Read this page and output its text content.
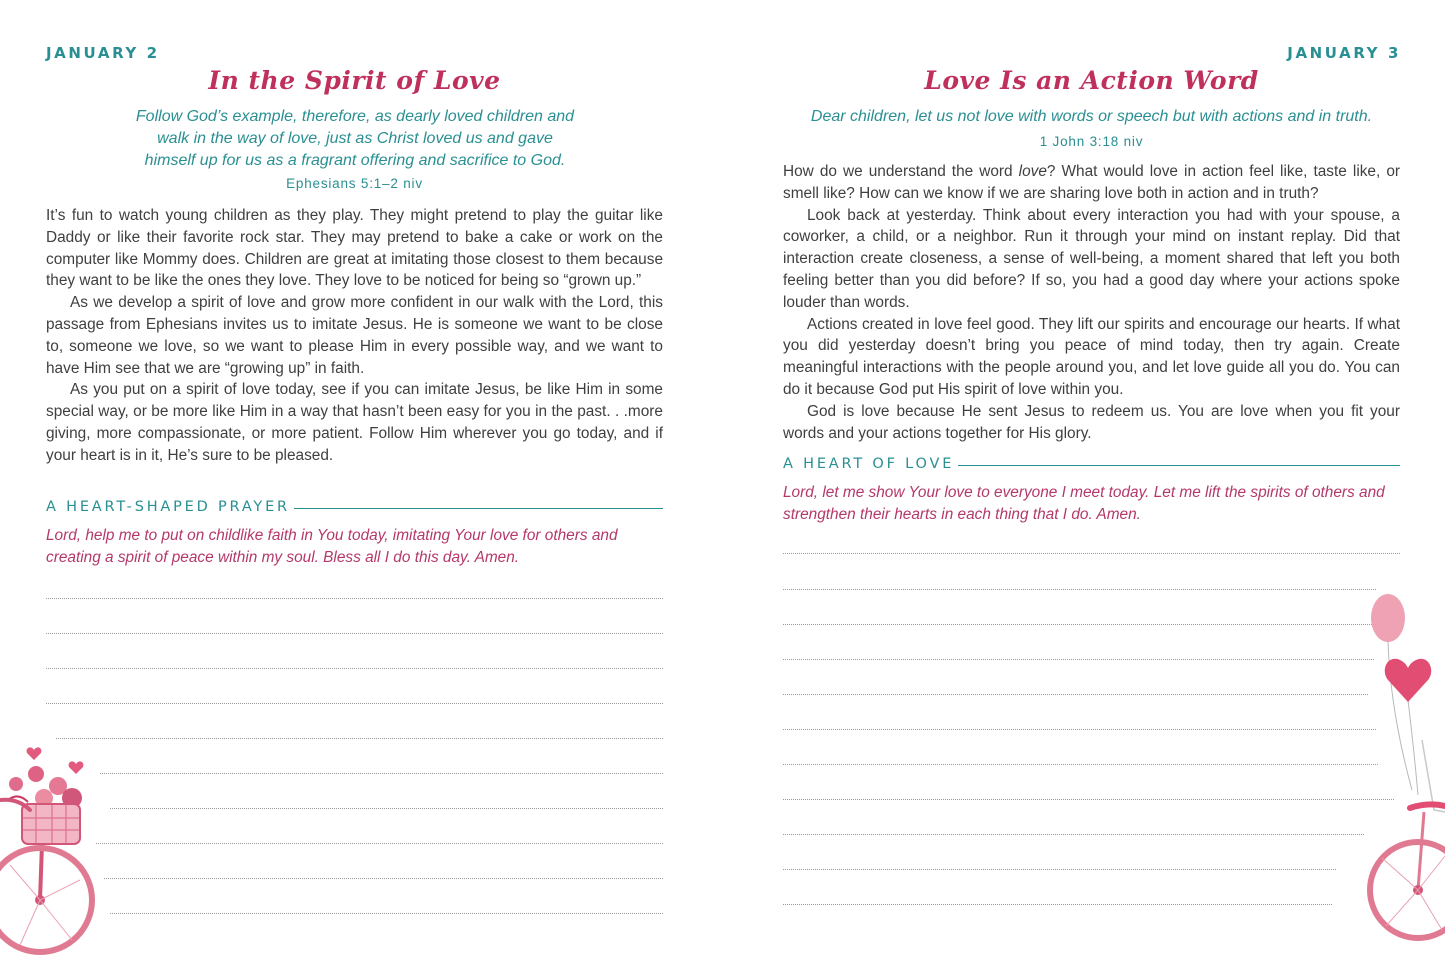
JANUARY 2
In the Spirit of Love
Follow God’s example, therefore, as dearly loved children and walk in the way of love, just as Christ loved us and gave himself up for us as a fragrant offering and sacrifice to God.
Ephesians 5:1–2 niv

It’s fun to watch young children as they play. They might pretend to play the guitar like Daddy or like their favorite rock star. They may pretend to bake a cake or work on the computer like Mommy does. Children are great at imitating those closest to them because they want to be like the ones they love. They love to be noticed for being so “grown up.”

As we develop a spirit of love and grow more confident in our walk with the Lord, this passage from Ephesians invites us to imitate Jesus. He is someone we want to be close to, someone we love, so we want to please Him in every possible way, and we want to have Him see that we are “growing up” in faith.

As you put on a spirit of love today, see if you can imitate Jesus, be like Him in some special way, or be more like Him in a way that hasn’t been easy for you in the past. . .more giving, more compassionate, or more patient. Follow Him wherever you go today, and if your heart is in it, He’s sure to be pleased.

A HEART-SHAPED PRAYER
Lord, help me to put on childlike faith in You today, imitating Your love for others and creating a spirit of peace within my soul. Bless all I do this day. Amen.
JANUARY 3
Love Is an Action Word
Dear children, let us not love with words or speech but with actions and in truth.
1 John 3:18 niv

How do we understand the word love? What would love in action feel like, taste like, or smell like? How can we know if we are sharing love both in action and in truth?

Look back at yesterday. Think about every interaction you had with your spouse, a coworker, a child, or a neighbor. Run it through your mind on instant replay. Did that interaction create closeness, a sense of well-being, a moment shared that left you both feeling better than you did before? If so, you had a good day where your actions spoke louder than words.

Actions created in love feel good. They lift our spirits and encourage our hearts. If what you did yesterday doesn’t bring you peace of mind today, then try again. Create meaningful interactions with the people around you, and let love guide all you do. You can do it because God put His spirit of love within you.

God is love because He sent Jesus to redeem us. You are love when you fit your words and your actions together for His glory.

A HEART OF LOVE
Lord, let me show Your love to everyone I meet today. Let me lift the spirits of others and strengthen their hearts in each thing that I do. Amen.
